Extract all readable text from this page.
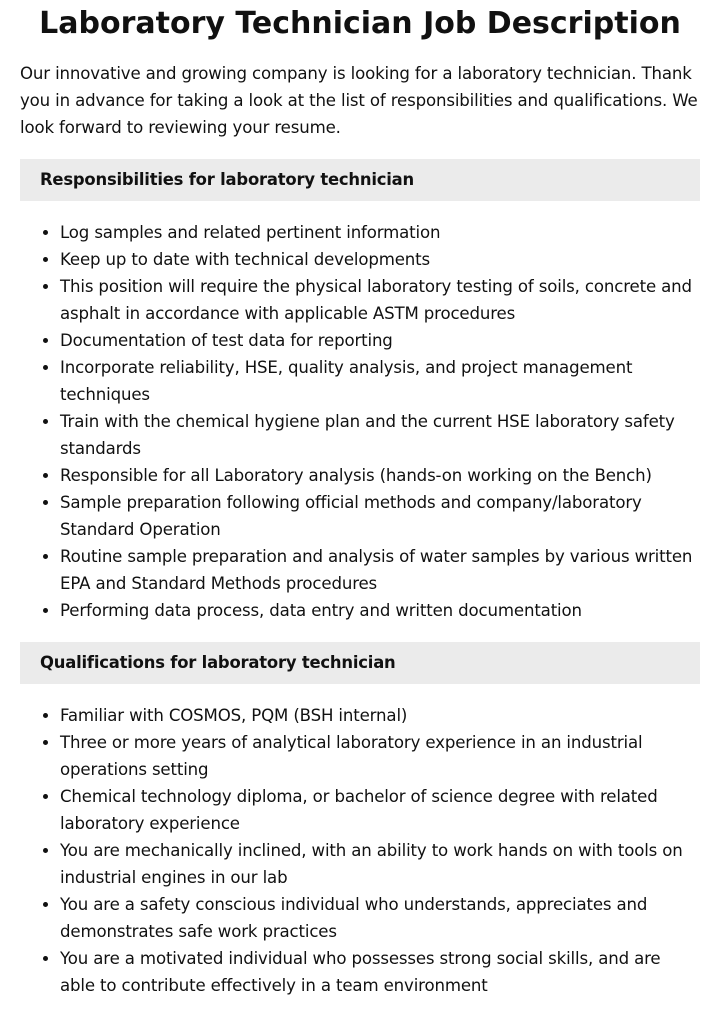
Laboratory Technician Job Description

Our innovative and growing company is looking for a laboratory technician. Thank you in advance for taking a look at the list of responsibilities and qualifications. We look forward to reviewing your resume.

Responsibilities for laboratory technician
• Log samples and related pertinent information
• Keep up to date with technical developments
• This position will require the physical laboratory testing of soils, concrete and asphalt in accordance with applicable ASTM procedures
• Documentation of test data for reporting
• Incorporate reliability, HSE, quality analysis, and project management techniques
• Train with the chemical hygiene plan and the current HSE laboratory safety standards
• Responsible for all Laboratory analysis (hands-on working on the Bench)
• Sample preparation following official methods and company/laboratory Standard Operation
• Routine sample preparation and analysis of water samples by various written EPA and Standard Methods procedures
• Performing data process, data entry and written documentation
Qualifications for laboratory technician
• Familiar with COSMOS, PQM (BSH internal)
• Three or more years of analytical laboratory experience in an industrial operations setting
• Chemical technology diploma, or bachelor of science degree with related laboratory experience
• You are mechanically inclined, with an ability to work hands on with tools on industrial engines in our lab
• You are a safety conscious individual who understands, appreciates and demonstrates safe work practices
• You are a motivated individual who possesses strong social skills, and are able to contribute effectively in a team environment
